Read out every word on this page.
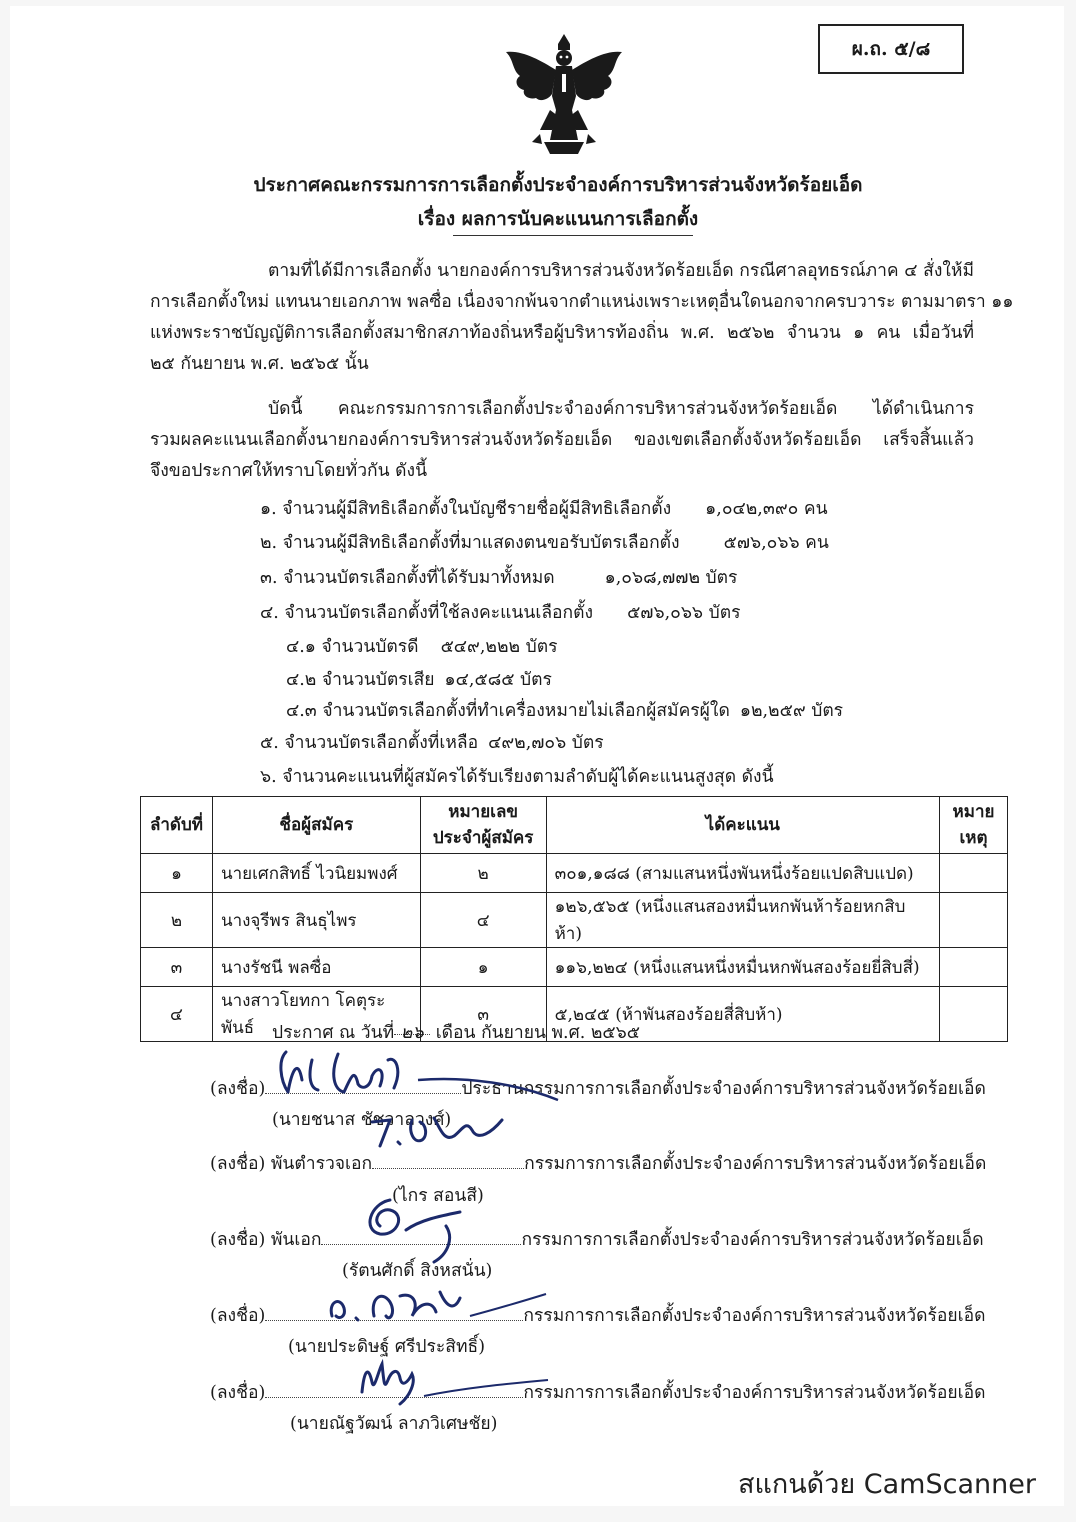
ผ.ถ. ๕/๘
ประกาศคณะกรรมการการเลือกตั้งประจำองค์การบริหารส่วนจังหวัดร้อยเอ็ด
เรื่อง ผลการนับคะแนนการเลือกตั้ง
ตามที่ได้มีการเลือกตั้ง นายกองค์การบริหารส่วนจังหวัดร้อยเอ็ด กรณีศาลอุทธรณ์ภาค ๔ สั่งให้มี
การเลือกตั้งใหม่ แทนนายเอกภาพ พลซื่อ เนื่องจากพ้นจากตำแหน่งเพราะเหตุอื่นใดนอกจากครบวาระ ตามมาตรา ๑๑
แห่งพระราชบัญญัติการเลือกตั้งสมาชิกสภาท้องถิ่นหรือผู้บริหารท้องถิ่น พ.ศ. ๒๕๖๒ จำนวน ๑ คน เมื่อวันที่
๒๕ กันยายน พ.ศ. ๒๕๖๕ นั้น
บัดนี้ คณะกรรมการการเลือกตั้งประจำองค์การบริหารส่วนจังหวัดร้อยเอ็ด ได้ดำเนินการ
รวมผลคะแนนเลือกตั้งนายกองค์การบริหารส่วนจังหวัดร้อยเอ็ด ของเขตเลือกตั้งจังหวัดร้อยเอ็ด เสร็จสิ้นแล้ว
จึงขอประกาศให้ทราบโดยทั่วกัน ดังนี้
๑. จำนวนผู้มีสิทธิเลือกตั้งในบัญชีรายชื่อผู้มีสิทธิเลือกตั้ง ๑,๐๔๒,๓๙๐ คน
๒. จำนวนผู้มีสิทธิเลือกตั้งที่มาแสดงตนขอรับบัตรเลือกตั้ง	๕๗๖,๐๖๖ คน
๓. จำนวนบัตรเลือกตั้งที่ได้รับมาทั้งหมด	๑,๐๖๘,๗๗๒ บัตร
๔. จำนวนบัตรเลือกตั้งที่ใช้ลงคะแนนเลือกตั้ง ๕๗๖,๐๖๖ บัตร
๔.๑ จำนวนบัตรดี ๕๔๙,๒๒๒ บัตร
๔.๒ จำนวนบัตรเสีย ๑๔,๕๘๕ บัตร
๔.๓ จำนวนบัตรเลือกตั้งที่ทำเครื่องหมายไม่เลือกผู้สมัครผู้ใด ๑๒,๒๕๙ บัตร
๕. จำนวนบัตรเลือกตั้งที่เหลือ ๔๙๒,๗๐๖ บัตร
๖. จำนวนคะแนนที่ผู้สมัครได้รับเรียงตามลำดับผู้ได้คะแนนสูงสุด ดังนี้
ลำดับที่	ชื่อผู้สมัคร	หมายเลข ประจำผู้สมัคร	ได้คะแนน	หมาย เหตุ
๑	นายเศกสิทธิ์ ไวนิยมพงศ์	๒	๓๐๑,๑๘๘ (สามแสนหนึ่งพันหนึ่งร้อยแปดสิบแปด)	
๒	นางจุรีพร สินธุไพร	๔	๑๒๖,๕๖๕ (หนึ่งแสนสองหมื่นหกพันห้าร้อยหกสิบห้า)	
๓	นางรัชนี พลซื่อ	๑	๑๑๖,๒๒๔ (หนึ่งแสนหนึ่งหมื่นหกพันสองร้อยยี่สิบสี่)	
๔	นางสาวโยทกา โคตุระพันธ์	๓	๕,๒๔๕ (ห้าพันสองร้อยสี่สิบห้า)	
ประกาศ ณ วันที่ ๒๖ เดือน กันยายน พ.ศ. ๒๕๖๕
(ลงชื่อ)	ประธานกรรมการการเลือกตั้งประจำองค์การบริหารส่วนจังหวัดร้อยเอ็ด
(นายชนาส ชัชวาลวงศ์)
(ลงชื่อ) พันตำรวจเอก	กรรมการการเลือกตั้งประจำองค์การบริหารส่วนจังหวัดร้อยเอ็ด
(ไกร สอนสี)
(ลงชื่อ) พันเอก	กรรมการการเลือกตั้งประจำองค์การบริหารส่วนจังหวัดร้อยเอ็ด
(รัตนศักดิ์ สิงหสนั่น)
(ลงชื่อ)	กรรมการการเลือกตั้งประจำองค์การบริหารส่วนจังหวัดร้อยเอ็ด
(นายประดิษฐ์ ศรีประสิทธิ์)
(ลงชื่อ)	กรรมการการเลือกตั้งประจำองค์การบริหารส่วนจังหวัดร้อยเอ็ด
(นายณัฐวัฒน์ ลาภวิเศษชัย)
สแกนด้วย CamScanner
